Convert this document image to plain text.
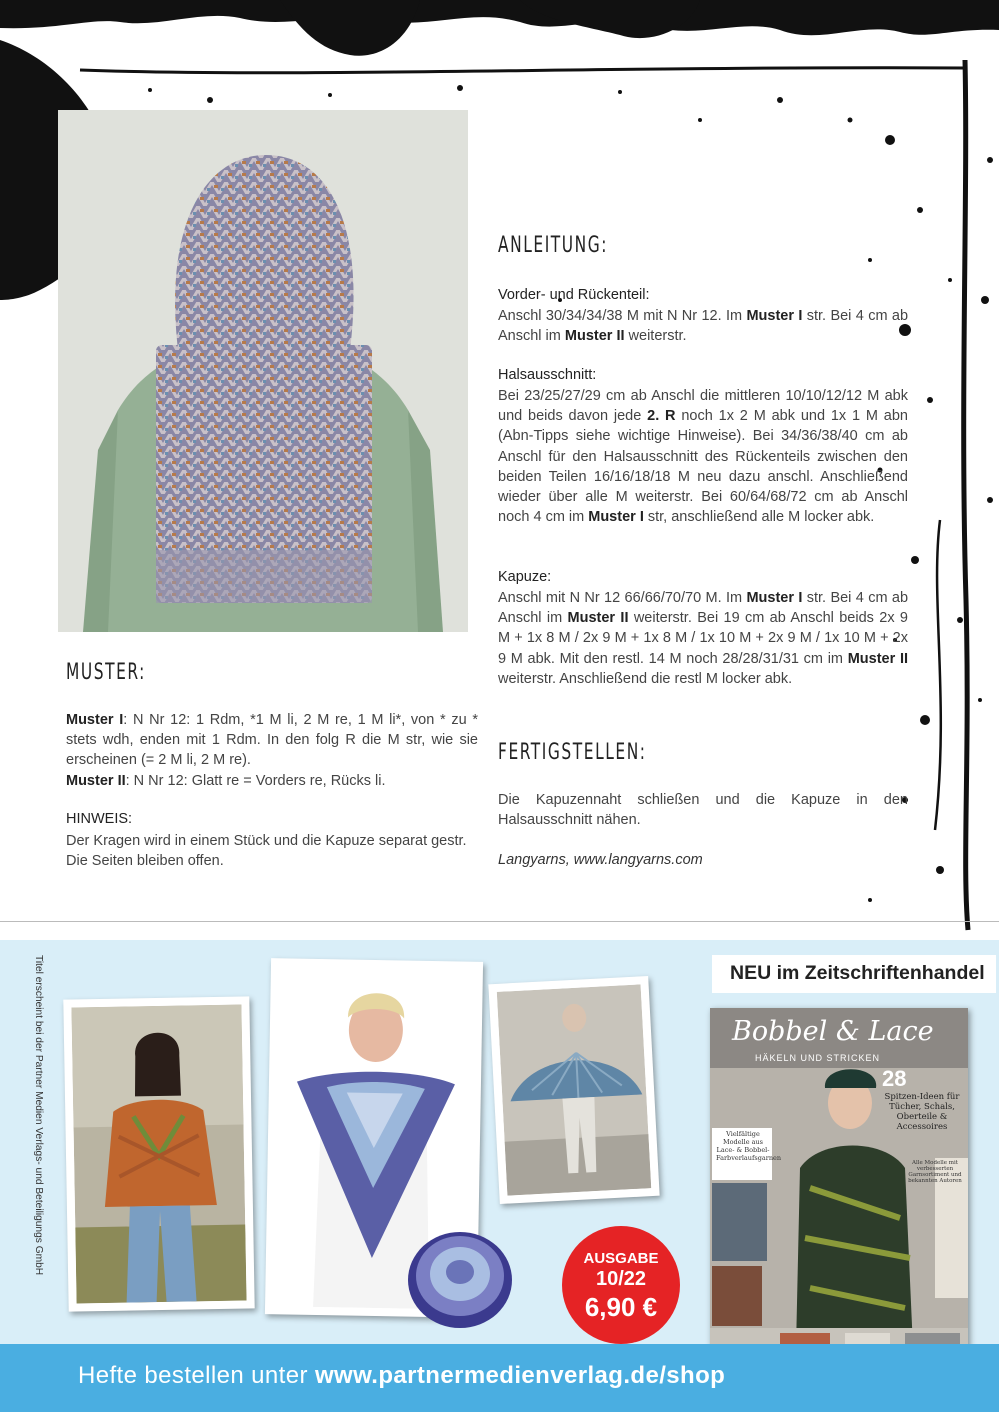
ANLEITUNG:
Vorder- und Rückenteil:
Anschl 30/34/34/38 M mit N Nr 12. Im Muster I str. Bei 4 cm ab Anschl im Muster II weiterstr.
Halsausschnitt:
Bei 23/25/27/29 cm ab Anschl die mittleren 10/10/12/12 M abk und beids davon jede 2. R noch 1x 2 M abk und 1x 1 M abn (Abn-Tipps siehe wichtige Hinweise). Bei 34/36/38/40 cm ab Anschl für den Halsausschnitt des Rückenteils zwischen den beiden Teilen 16/16/18/18 M neu dazu anschl. Anschließend wieder über alle M weiterstr. Bei 60/64/68/72 cm ab Anschl noch 4 cm im Muster I str, anschließend alle M locker abk.
Kapuze:
Anschl mit N Nr 12 66/66/70/70 M. Im Muster I str. Bei 4 cm ab Anschl im Muster II weiterstr. Bei 19 cm ab Anschl beids 2x 9 M + 1x 8 M / 2x 9 M + 1x 8 M / 1x 10 M + 2x 9 M / 1x 10 M + 2x 9 M abk. Mit den restl. 14 M noch 28/28/31/31 cm im Muster II weiterstr. Anschließend die restl M locker abk.
FERTIGSTELLEN:
Die Kapuzennaht schließen und die Kapuze in den Halsausschnitt nähen.
Langyarns, www.langyarns.com
MUSTER:
Muster I: N Nr 12: 1 Rdm, *1 M li, 2 M re, 1 M li*, von * zu * stets wdh, enden mit 1 Rdm. In den folg R die M str, wie sie erscheinen (= 2 M li, 2 M re).
Muster II: N Nr 12: Glatt re = Vorders re, Rücks li.
HINWEIS:
Der Kragen wird in einem Stück und die Kapuze separat gestr.
Die Seiten bleiben offen.
Titel erscheint bei der Partner Medien Verlags- und Beteiligungs GmbH	AUSGABE
10/22
6,90 €
NEU im Zeitschriftenhandel
Bobbel & Lace
HÄKELN UND STRICKEN
28
Spitzen-Ideen für Tücher, Schals, Oberteile & Accessoires
Vielfältige Modelle aus Lace- & Bobbel-Farbverlaufsgarnen
Alle Modelle mit verbesserten Garnsortiment und bekannten Autoren
Hefte bestellen unter www.partnermedienverlag.de/shop
